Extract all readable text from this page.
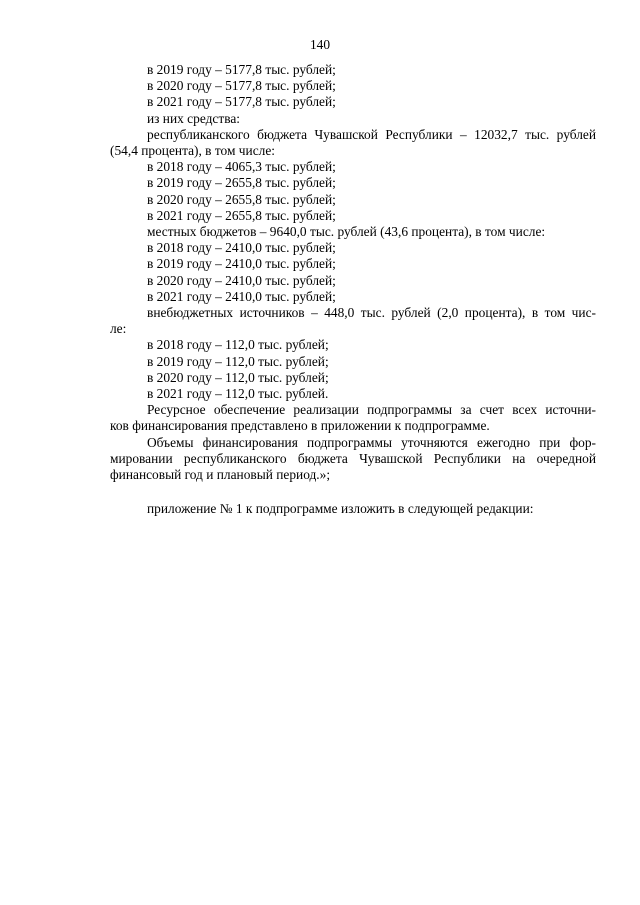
140
в 2019 году – 5177,8 тыс. рублей;
в 2020 году – 5177,8 тыс. рублей;
в 2021 году – 5177,8 тыс. рублей;
из них средства:
республиканского бюджета Чувашской Республики – 12032,7 тыс. рублей
(54,4 процента), в том числе:
в 2018 году – 4065,3 тыс. рублей;
в 2019 году – 2655,8 тыс. рублей;
в 2020 году – 2655,8 тыс. рублей;
в 2021 году – 2655,8 тыс. рублей;
местных бюджетов – 9640,0 тыс. рублей (43,6 процента), в том числе:
в 2018 году – 2410,0 тыс. рублей;
в 2019 году – 2410,0 тыс. рублей;
в 2020 году – 2410,0 тыс. рублей;
в 2021 году – 2410,0 тыс. рублей;
внебюджетных источников – 448,0 тыс. рублей (2,0 процента), в том чис-
ле:
в 2018 году – 112,0 тыс. рублей;
в 2019 году – 112,0 тыс. рублей;
в 2020 году – 112,0 тыс. рублей;
в 2021 году – 112,0 тыс. рублей.
Ресурсное обеспечение реализации подпрограммы за счет всех источни-
ков финансирования представлено в приложении к подпрограмме.
Объемы финансирования подпрограммы уточняются ежегодно при фор-
мировании республиканского бюджета Чувашской Республики на очередной
финансовый год и плановый период.»;
приложение № 1 к подпрограмме изложить в следующей редакции:
